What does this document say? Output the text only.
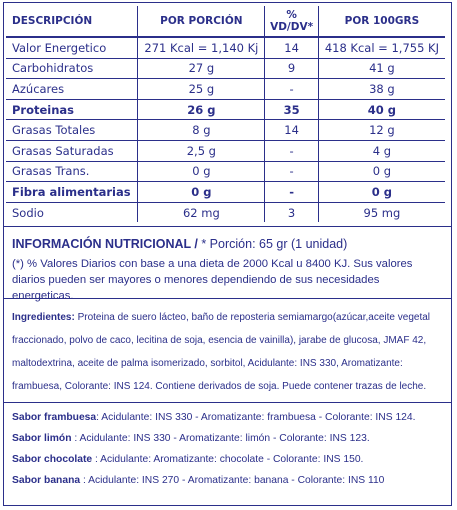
DESCRIPCIÓN	POR PORCIÓN	% VD/DV*	POR 100GRS
Valor Energetico	271 Kcal = 1,140 Kj	14	418 Kcal = 1,755 KJ
Carbohidratos	27 g	9	41 g
Azúcares	25 g	-	38 g
Proteinas	26 g	35	40 g
Grasas Totales	8 g	14	12 g
Grasas Saturadas	2,5 g	-	4 g
Grasas Trans.	0 g	-	0 g
Fibra alimentarias	0 g	-	0 g
Sodio	62 mg	3	95 mg
INFORMACIÓN NUTRICIONAL / * Porción: 65 gr (1 unidad)
(*) % Valores Diarios con base a una dieta de 2000 Kcal u 8400 KJ. Sus valores diarios pueden ser mayores o menores dependiendo de sus necesidades energeticas.
Ingredientes: Proteina de suero lácteo, baño de reposteria semiamargo(azúcar,aceite vegetal fraccionado, polvo de caco, lecitina de soja, esencia de vainilla), jarabe de glucosa, JMAF 42, maltodextrina, aceite de palma isomerizado, sorbitol, Acidulante: INS 330, Aromatizante: frambuesa, Colorante: INS 124. Contiene derivados de soja. Puede contener trazas de leche.
Sabor frambuesa: Acidulante: INS 330 - Aromatizante: frambuesa - Colorante: INS 124.
Sabor limón : Acidulante: INS 330 - Aromatizante: limón - Colorante: INS 123.
Sabor chocolate : Acidulante: Aromatizante: chocolate - Colorante: INS 150.
Sabor banana : Acidulante: INS 270 - Aromatizante: banana - Colorante: INS 110
